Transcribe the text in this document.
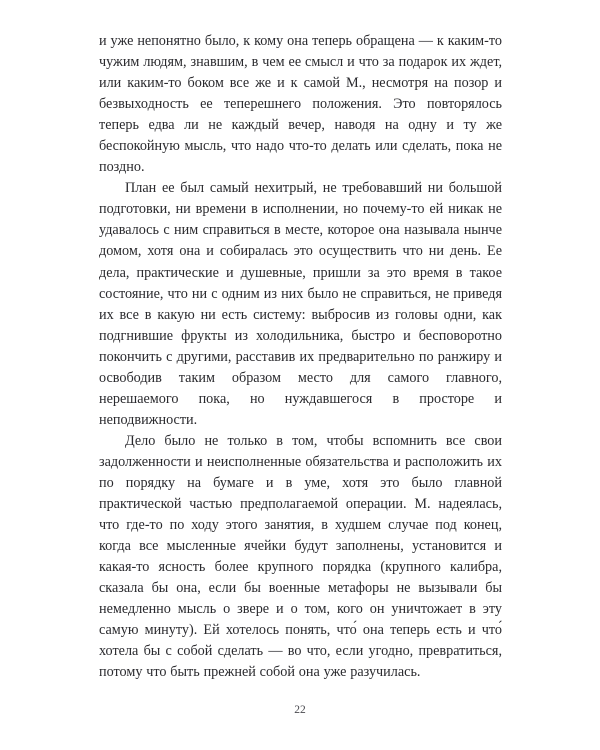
и уже непонятно было, к кому она теперь обращена — к каким-то чужим людям, знавшим, в чем ее смысл и что за подарок их ждет, или каким-то боком все же и к самой М., несмотря на позор и безвыходность ее теперешнего положения. Это повторялось теперь едва ли не каждый вечер, наводя на одну и ту же беспокойную мысль, что надо что-то делать или сделать, пока не поздно.

План ее был самый нехитрый, не требовавший ни большой подготовки, ни времени в исполнении, но почему-то ей никак не удавалось с ним справиться в месте, которое она называла нынче домом, хотя она и собиралась это осуществить что ни день. Ее дела, практические и душевные, пришли за это время в такое состояние, что ни с одним из них было не справиться, не приведя их все в какую ни есть систему: выбросив из головы одни, как подгнившие фрукты из холодильника, быстро и бесповоротно покончить с другими, расставив их предварительно по ранжиру и освободив таким образом место для самого главного, нерешаемого пока, но нуждавшегося в просторе и неподвижности.

Дело было не только в том, чтобы вспомнить все свои задолженности и неисполненные обязательства и расположить их по порядку на бумаге и в уме, хотя это было главной практической частью предполагаемой операции. М. надеялась, что где-то по ходу этого занятия, в худшем случае под конец, когда все мысленные ячейки будут заполнены, установится и какая-то ясность более крупного порядка (крупного калибра, сказала бы она, если бы военные метафоры не вызывали бы немедленно мысль о звере и о том, кого он уничтожает в эту самую минуту). Ей хотелось понять, что́ она теперь есть и что́ хотела бы с собой сделать — во что, если угодно, превратиться, потому что быть прежней собой она уже разучилась.

22
